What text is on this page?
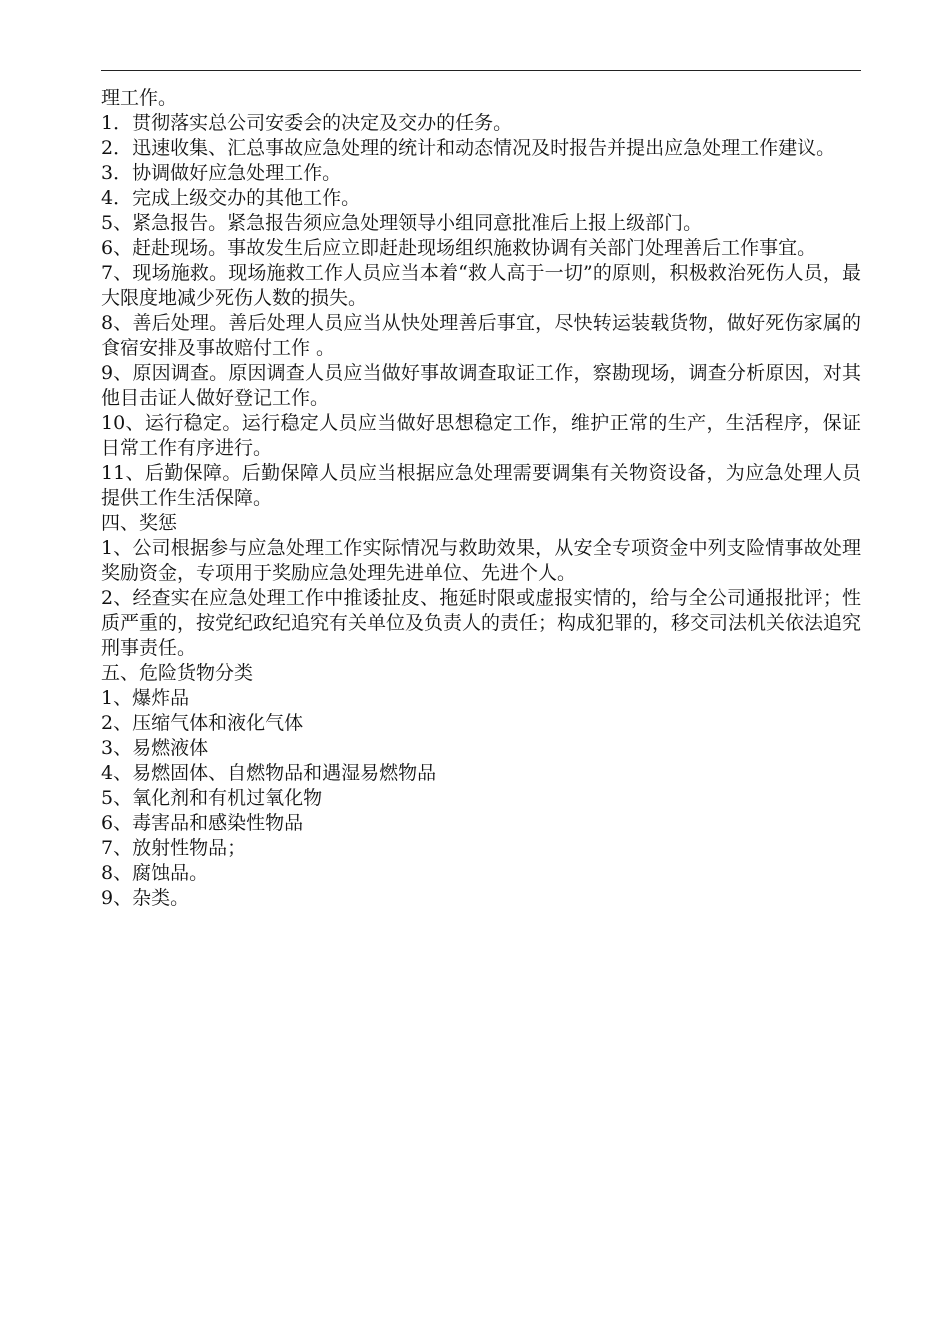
理工作。

1．贯彻落实总公司安委会的决定及交办的任务。

2．迅速收集、汇总事故应急处理的统计和动态情况及时报告并提出应急处理工作建议。

3．协调做好应急处理工作。

4．完成上级交办的其他工作。

5、紧急报告。紧急报告须应急处理领导小组同意批准后上报上级部门。

6、赶赴现场。事故发生后应立即赶赴现场组织施救协调有关部门处理善后工作事宜。

7、现场施救。现场施救工作人员应当本着“救人高于一切”的原则，积极救治死伤人员，最大限度地减少死伤人数的损失。

8、善后处理。善后处理人员应当从快处理善后事宜，尽快转运装载货物，做好死伤家属的食宿安排及事故赔付工作 。

9、原因调查。原因调查人员应当做好事故调查取证工作，察勘现场，调查分析原因，对其他目击证人做好登记工作。

10、运行稳定。运行稳定人员应当做好思想稳定工作，维护正常的生产，生活程序，保证日常工作有序进行。

11、后勤保障。后勤保障人员应当根据应急处理需要调集有关物资设备，为应急处理人员提供工作生活保障。

四、奖惩

1、公司根据参与应急处理工作实际情况与救助效果，从安全专项资金中列支险情事故处理奖励资金，专项用于奖励应急处理先进单位、先进个人。

2、经查实在应急处理工作中推诿扯皮、拖延时限或虚报实情的，给与全公司通报批评；性质严重的，按党纪政纪追究有关单位及负责人的责任；构成犯罪的，移交司法机关依法追究刑事责任。

五、危险货物分类

1、爆炸品

2、压缩气体和液化气体

3、易燃液体

4、易燃固体、自燃物品和遇湿易燃物品

5、氧化剂和有机过氧化物

6、毒害品和感染性物品

7、放射性物品；

8、腐蚀品。

9、杂类。
